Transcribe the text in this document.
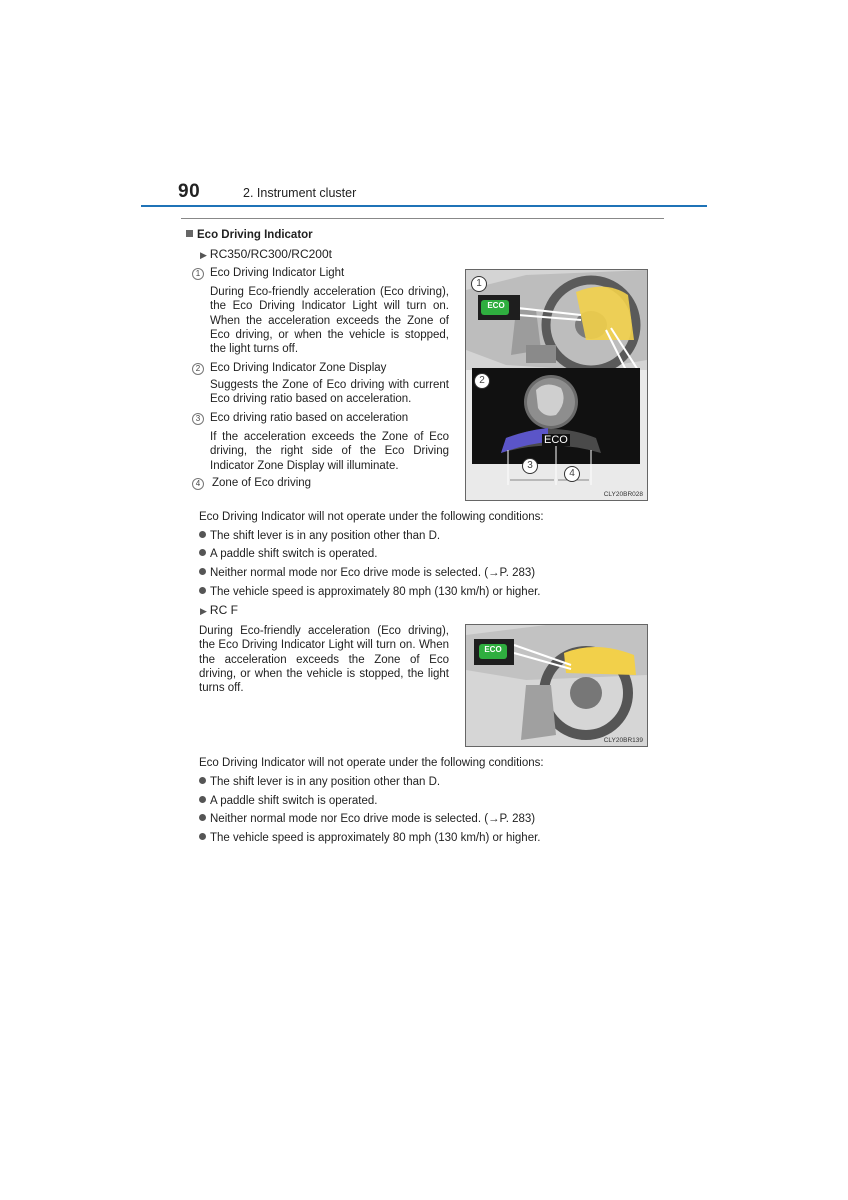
90	2. Instrument cluster
Eco Driving Indicator
▶ RC350/RC300/RC200t
1 Eco Driving Indicator Light
During Eco-friendly acceleration (Eco driving), the Eco Driving Indicator Light will turn on. When the acceleration exceeds the Zone of Eco driving, or when the vehicle is stopped, the light turns off.
2 Eco Driving Indicator Zone Display
Suggests the Zone of Eco driving with current Eco driving ratio based on acceleration.
3 Eco driving ratio based on acceleration
If the acceleration exceeds the Zone of Eco driving, the right side of the Eco Driving Indicator Zone Display will illuminate.
4	Zone of Eco driving
ECO
ECO
1
2
3
4
CLY20BR028
Eco Driving Indicator will not operate under the following conditions:
The shift lever is in any position other than D.
A paddle shift switch is operated.
Neither normal mode nor Eco drive mode is selected. (→P. 283)
The vehicle speed is approximately 80 mph (130 km/h) or higher.
▶ RC F
During Eco-friendly acceleration (Eco driving), the Eco Driving Indicator Light will turn on. When the acceleration exceeds the Zone of Eco driving, or when the vehicle is stopped, the light turns off.
ECO
CLY20BR139
Eco Driving Indicator will not operate under the following conditions:
The shift lever is in any position other than D.
A paddle shift switch is operated.
Neither normal mode nor Eco drive mode is selected. (→P. 283)
The vehicle speed is approximately 80 mph (130 km/h) or higher.
